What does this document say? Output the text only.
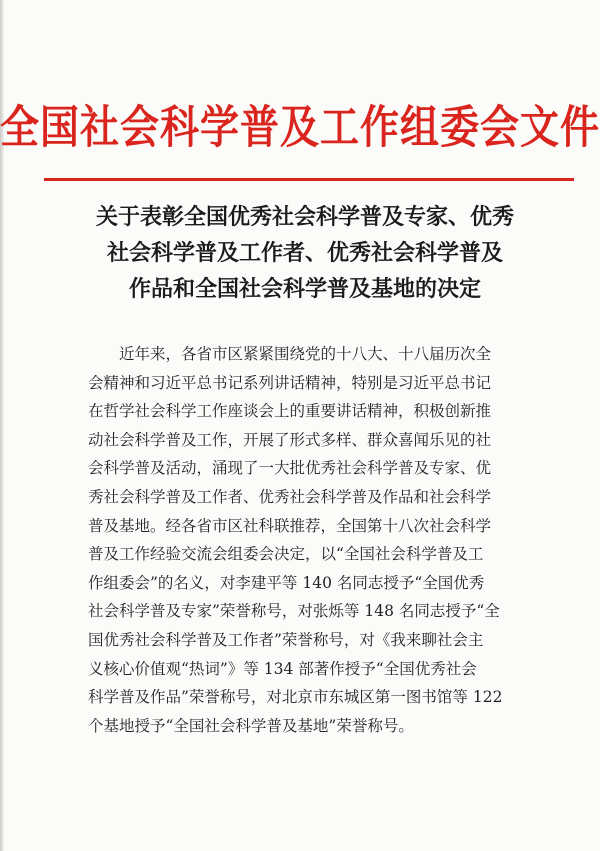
全国社会科学普及工作组委会文件
关于表彰全国优秀社会科学普及专家、优秀
社会科学普及工作者、优秀社会科学普及
作品和全国社会科学普及基地的决定
　　近年来，各省市区紧紧围绕党的十八大、十八届历次全
会精神和习近平总书记系列讲话精神，特别是习近平总书记
在哲学社会科学工作座谈会上的重要讲话精神，积极创新推
动社会科学普及工作，开展了形式多样、群众喜闻乐见的社
会科学普及活动，涌现了一大批优秀社会科学普及专家、优
秀社会科学普及工作者、优秀社会科学普及作品和社会科学
普及基地。经各省市区社科联推荐，全国第十八次社会科学
普及工作经验交流会组委会决定，以“全国社会科学普及工
作组委会”的名义，对李建平等 140 名同志授予“全国优秀
社会科学普及专家”荣誉称号，对张烁等 148 名同志授予“全
国优秀社会科学普及工作者”荣誉称号，对《我来聊社会主
义核心价值观“热词”》等 134 部著作授予“全国优秀社会
科学普及作品”荣誉称号，对北京市东城区第一图书馆等 122
个基地授予“全国社会科学普及基地”荣誉称号。
